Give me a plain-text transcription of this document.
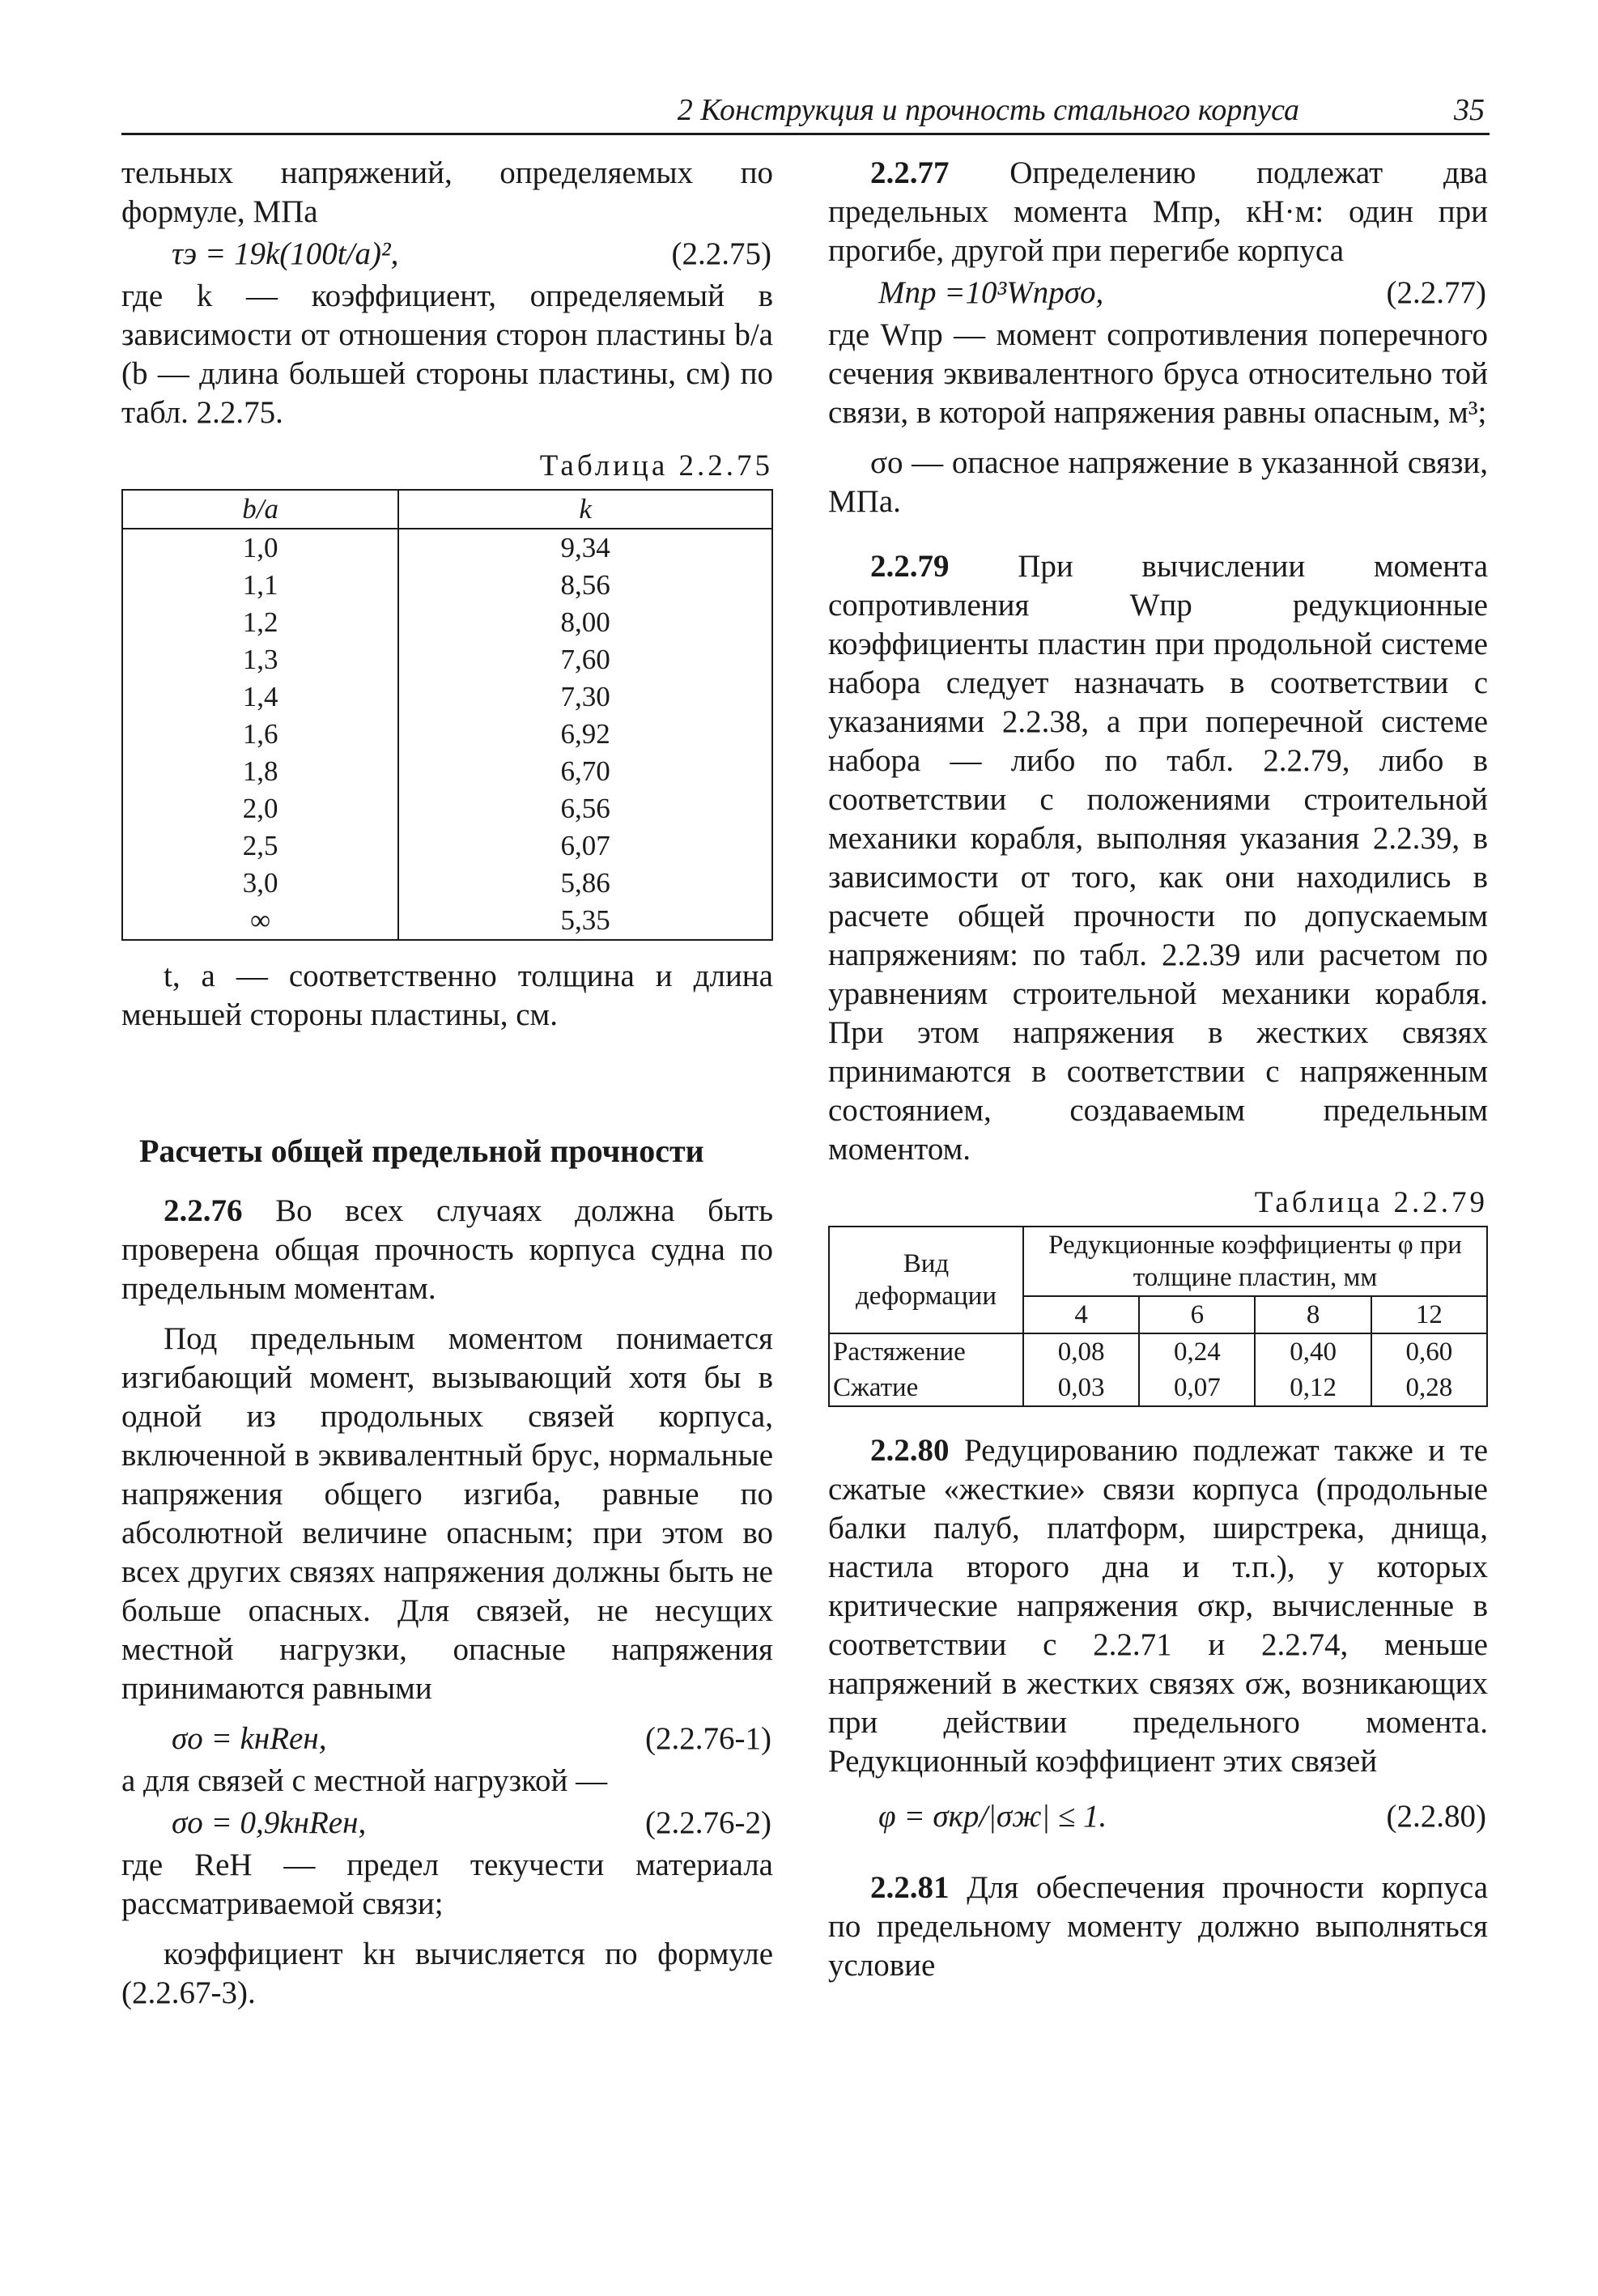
2 Конструкция и прочность стального корпуса	35

тельных напряжений, определяемых по формуле, МПа

τэ = 19k(100t/a)²,	(2.2.75)

где k — коэффициент, определяемый в зависимости от отношения сторон пластины b/a (b — длина большей стороны пластины, см) по табл. 2.2.75.

Таблица 2.2.75
b/a	k
1,0	9,34
1,1	8,56
1,2	8,00
1,3	7,60
1,4	7,30
1,6	6,92
1,8	6,70
2,0	6,56
2,5	6,07
3,0	5,86
∞	5,35

t, a — соответственно толщина и длина меньшей стороны пластины, см.

Расчеты общей предельной прочности

2.2.76 Во всех случаях должна быть проверена общая прочность корпуса судна по предельным моментам.

Под предельным моментом понимается изгибающий момент, вызывающий хотя бы в одной из продольных связей корпуса, включенной в эквивалентный брус, нормальные напряжения общего изгиба, равные по абсолютной величине опасным; при этом во всех других связях напряжения должны быть не больше опасных. Для связей, не несущих местной нагрузки, опасные напряжения принимаются равными

σo = kнReн,	(2.2.76-1)

а для связей с местной нагрузкой —

σo = 0,9kнReн,	(2.2.76-2)

где ReH — предел текучести материала рассматриваемой связи;

коэффициент kн вычисляется по формуле (2.2.67-3).

2.2.77 Определению подлежат два предельных момента Mпр, кН·м: один при прогибе, другой при перегибе корпуса

Mпр =10³Wпрσo,	(2.2.77)

где Wпр — момент сопротивления поперечного сечения эквивалентного бруса относительно той связи, в которой напряжения равны опасным, м³;

σo — опасное напряжение в указанной связи, МПа.

2.2.79 При вычислении момента сопротивления Wпр редукционные коэффициенты пластин при продольной системе набора следует назначать в соответствии с указаниями 2.2.38, а при поперечной системе набора — либо по табл. 2.2.79, либо в соответствии с положениями строительной механики корабля, выполняя указания 2.2.39, в зависимости от того, как они находились в расчете общей прочности по допускаемым напряжениям: по табл. 2.2.39 или расчетом по уравнениям строительной механики корабля. При этом напряжения в жестких связях принимаются в соответствии с напряженным состоянием, создаваемым предельным моментом.

Таблица 2.2.79
Вид деформации	Редукционные коэффициенты φ при толщине пластин, мм			
	4	6	8	12
Растяжение	0,08	0,24	0,40	0,60
Сжатие	0,03	0,07	0,12	0,28

2.2.80 Редуцированию подлежат также и те сжатые «жесткие» связи корпуса (продольные балки палуб, платформ, ширстрека, днища, настила второго дна и т.п.), у которых критические напряжения σкр, вычисленные в соответствии с 2.2.71 и 2.2.74, меньше напряжений в жестких связях σж, возникающих при действии предельного момента. Редукционный коэффициент этих связей

φ = σкр/|σж| ≤ 1.	(2.2.80)

2.2.81 Для обеспечения прочности корпуса по предельному моменту должно выполняться условие
